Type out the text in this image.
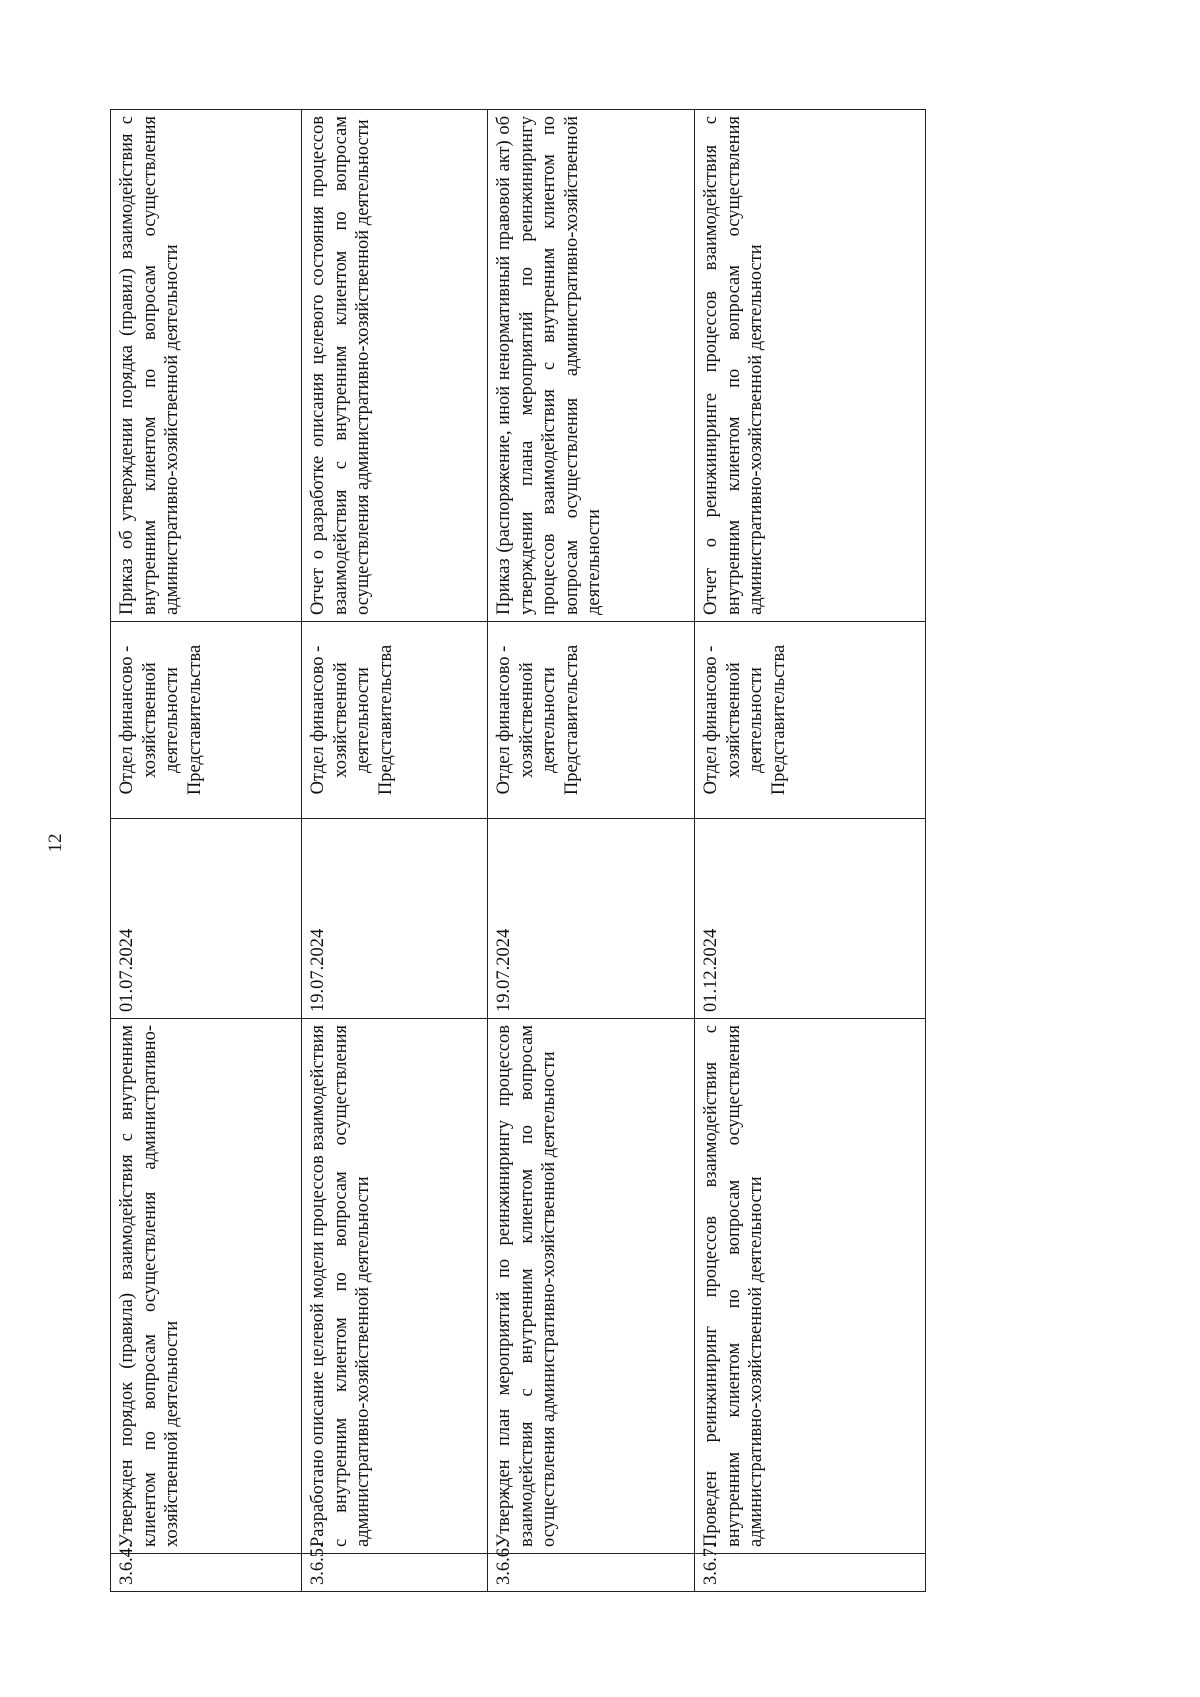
12
3.6.4.	Утвержден порядок (правила) взаимодействия с внутренним клиентом по вопросам осуществления административно-хозяйственной деятельности	01.07.2024	Отдел финансово - хозяйственной деятельности Представительства	Приказ об утверждении порядка (правил) взаимодействия с внутренним клиентом по вопросам осуществления административно-хозяйственной деятельности
3.6.5.	Разработано описание целевой модели процессов взаимодействия с внутренним клиентом по вопросам осуществления административно-хозяйственной деятельности	19.07.2024	Отдел финансово - хозяйственной деятельности Представительства	Отчет о разработке описания целевого состояния процессов взаимодействия с внутренним клиентом по вопросам осуществления административно-хозяйственной деятельности
3.6.6.	Утвержден план мероприятий по реинжинирингу процессов взаимодействия с внутренним клиентом по вопросам осуществления административно-хозяйственной деятельности	19.07.2024	Отдел финансово - хозяйственной деятельности Представительства	Приказ (распоряжение, иной ненормативный правовой акт) об утверждении плана мероприятий по реинжинирингу процессов взаимодействия с внутренним клиентом по вопросам осуществления административно-хозяйственной деятельности
3.6.7.	Проведен реинжиниринг процессов взаимодействия с внутренним клиентом по вопросам осуществления административно-хозяйственной деятельности	01.12.2024	Отдел финансово - хозяйственной деятельности Представительства	Отчет о реинжиниринге процессов взаимодействия с внутренним клиентом по вопросам осуществления административно-хозяйственной деятельности
